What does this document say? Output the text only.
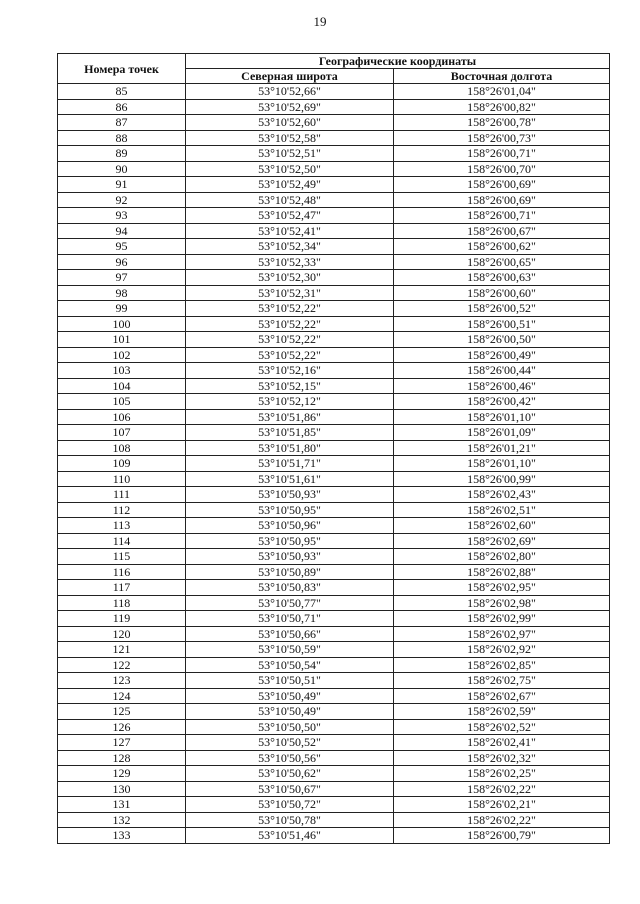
19
Номера точек	Географические координаты	
	Северная широта	Восточная долгота
85	53°10'52,66"	158°26'01,04"
86	53°10'52,69"	158°26'00,82"
87	53°10'52,60"	158°26'00,78"
88	53°10'52,58"	158°26'00,73"
89	53°10'52,51"	158°26'00,71"
90	53°10'52,50"	158°26'00,70"
91	53°10'52,49"	158°26'00,69"
92	53°10'52,48"	158°26'00,69"
93	53°10'52,47"	158°26'00,71"
94	53°10'52,41"	158°26'00,67"
95	53°10'52,34"	158°26'00,62"
96	53°10'52,33"	158°26'00,65"
97	53°10'52,30"	158°26'00,63"
98	53°10'52,31"	158°26'00,60"
99	53°10'52,22"	158°26'00,52"
100	53°10'52,22"	158°26'00,51"
101	53°10'52,22"	158°26'00,50"
102	53°10'52,22"	158°26'00,49"
103	53°10'52,16"	158°26'00,44"
104	53°10'52,15"	158°26'00,46"
105	53°10'52,12"	158°26'00,42"
106	53°10'51,86"	158°26'01,10"
107	53°10'51,85"	158°26'01,09"
108	53°10'51,80"	158°26'01,21"
109	53°10'51,71"	158°26'01,10"
110	53°10'51,61"	158°26'00,99"
111	53°10'50,93"	158°26'02,43"
112	53°10'50,95"	158°26'02,51"
113	53°10'50,96"	158°26'02,60"
114	53°10'50,95"	158°26'02,69"
115	53°10'50,93"	158°26'02,80"
116	53°10'50,89"	158°26'02,88"
117	53°10'50,83"	158°26'02,95"
118	53°10'50,77"	158°26'02,98"
119	53°10'50,71"	158°26'02,99"
120	53°10'50,66"	158°26'02,97"
121	53°10'50,59"	158°26'02,92"
122	53°10'50,54"	158°26'02,85"
123	53°10'50,51"	158°26'02,75"
124	53°10'50,49"	158°26'02,67"
125	53°10'50,49"	158°26'02,59"
126	53°10'50,50"	158°26'02,52"
127	53°10'50,52"	158°26'02,41"
128	53°10'50,56"	158°26'02,32"
129	53°10'50,62"	158°26'02,25"
130	53°10'50,67"	158°26'02,22"
131	53°10'50,72"	158°26'02,21"
132	53°10'50,78"	158°26'02,22"
133	53°10'51,46"	158°26'00,79"
